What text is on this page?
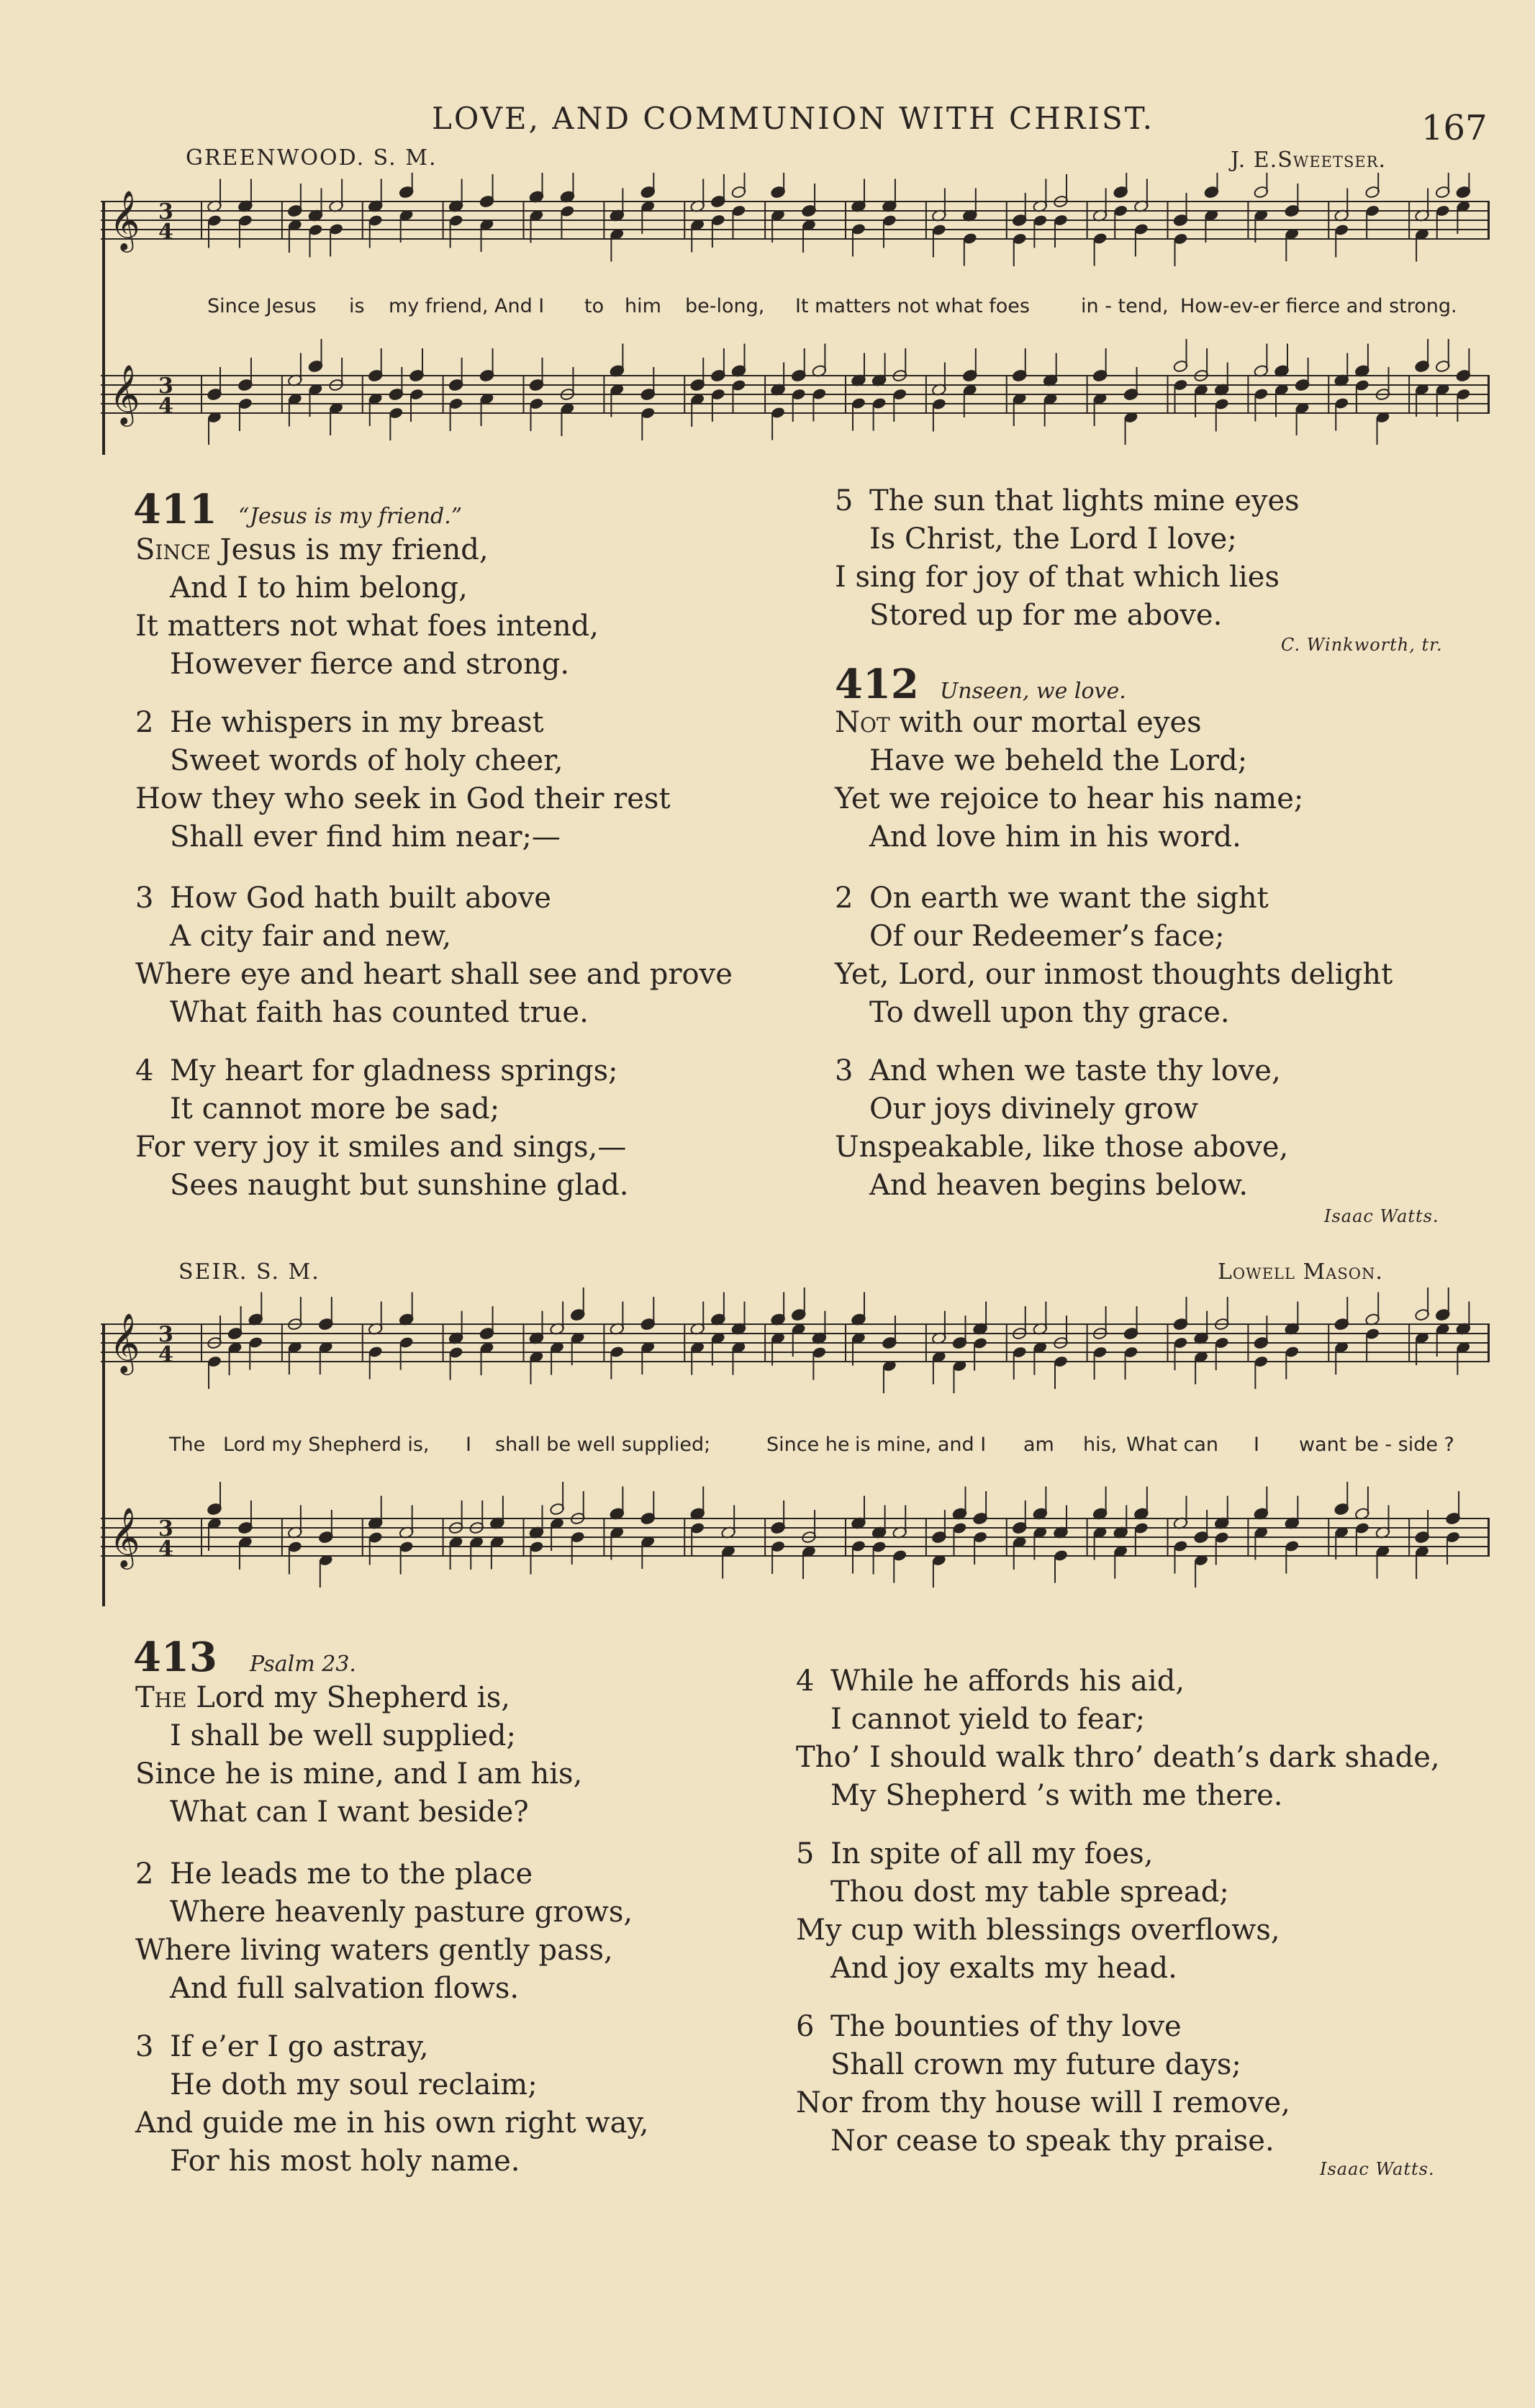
LOVE, AND COMMUNION WITH CHRIST.	167
GREENWOOD. S. M.	J. E.Sweetser.
𝄞 3
4
𝄞 3
4
Since Jesus is my friend, And I to him be-long, It matters not what foes	in - tend, How-ev-er fierce and strong.
411 “Jesus is my friend.”
Since Jesus is my friend,
And I to him belong,
It matters not what foes intend,
However fierce and strong.
2 He whispers in my breast
Sweet words of holy cheer,
How they who seek in God their rest
Shall ever find him near;—
3 How God hath built above
A city fair and new,
Where eye and heart shall see and prove
What faith has counted true.
4 My heart for gladness springs;
It cannot more be sad;
For very joy it smiles and sings,—
Sees naught but sunshine glad.
5 The sun that lights mine eyes
Is Christ, the Lord I love;
I sing for joy of that which lies
Stored up for me above.
C. Winkworth, tr.
412 Unseen, we love.
Not with our mortal eyes
Have we beheld the Lord;
Yet we rejoice to hear his name;
And love him in his word.
2 On earth we want the sight
Of our Redeemer’s face;
Yet, Lord, our inmost thoughts delight
To dwell upon thy grace.
3 And when we taste thy love,
Our joys divinely grow
Unspeakable, like those above,
And heaven begins below.
Isaac Watts.
SEIR. S. M.	Lowell Mason.
𝄞 3
4
𝄞 3
4
The Lord my Shepherd is, I shall be well supplied;	Since he is mine, and I am his, What can I want be - side ?
413 Psalm 23.
The Lord my Shepherd is,
I shall be well supplied;
Since he is mine, and I am his,
What can I want beside?
2 He leads me to the place
Where heavenly pasture grows,
Where living waters gently pass,
And full salvation flows.
3 If e’er I go astray,
He doth my soul reclaim;
And guide me in his own right way,
For his most holy name.
4 While he affords his aid,
I cannot yield to fear;
Tho’ I should walk thro’ death’s dark shade,
My Shepherd ’s with me there.
5 In spite of all my foes,
Thou dost my table spread;
My cup with blessings overflows,
And joy exalts my head.
6 The bounties of thy love
Shall crown my future days;
Nor from thy house will I remove,
Nor cease to speak thy praise.
Isaac Watts.
